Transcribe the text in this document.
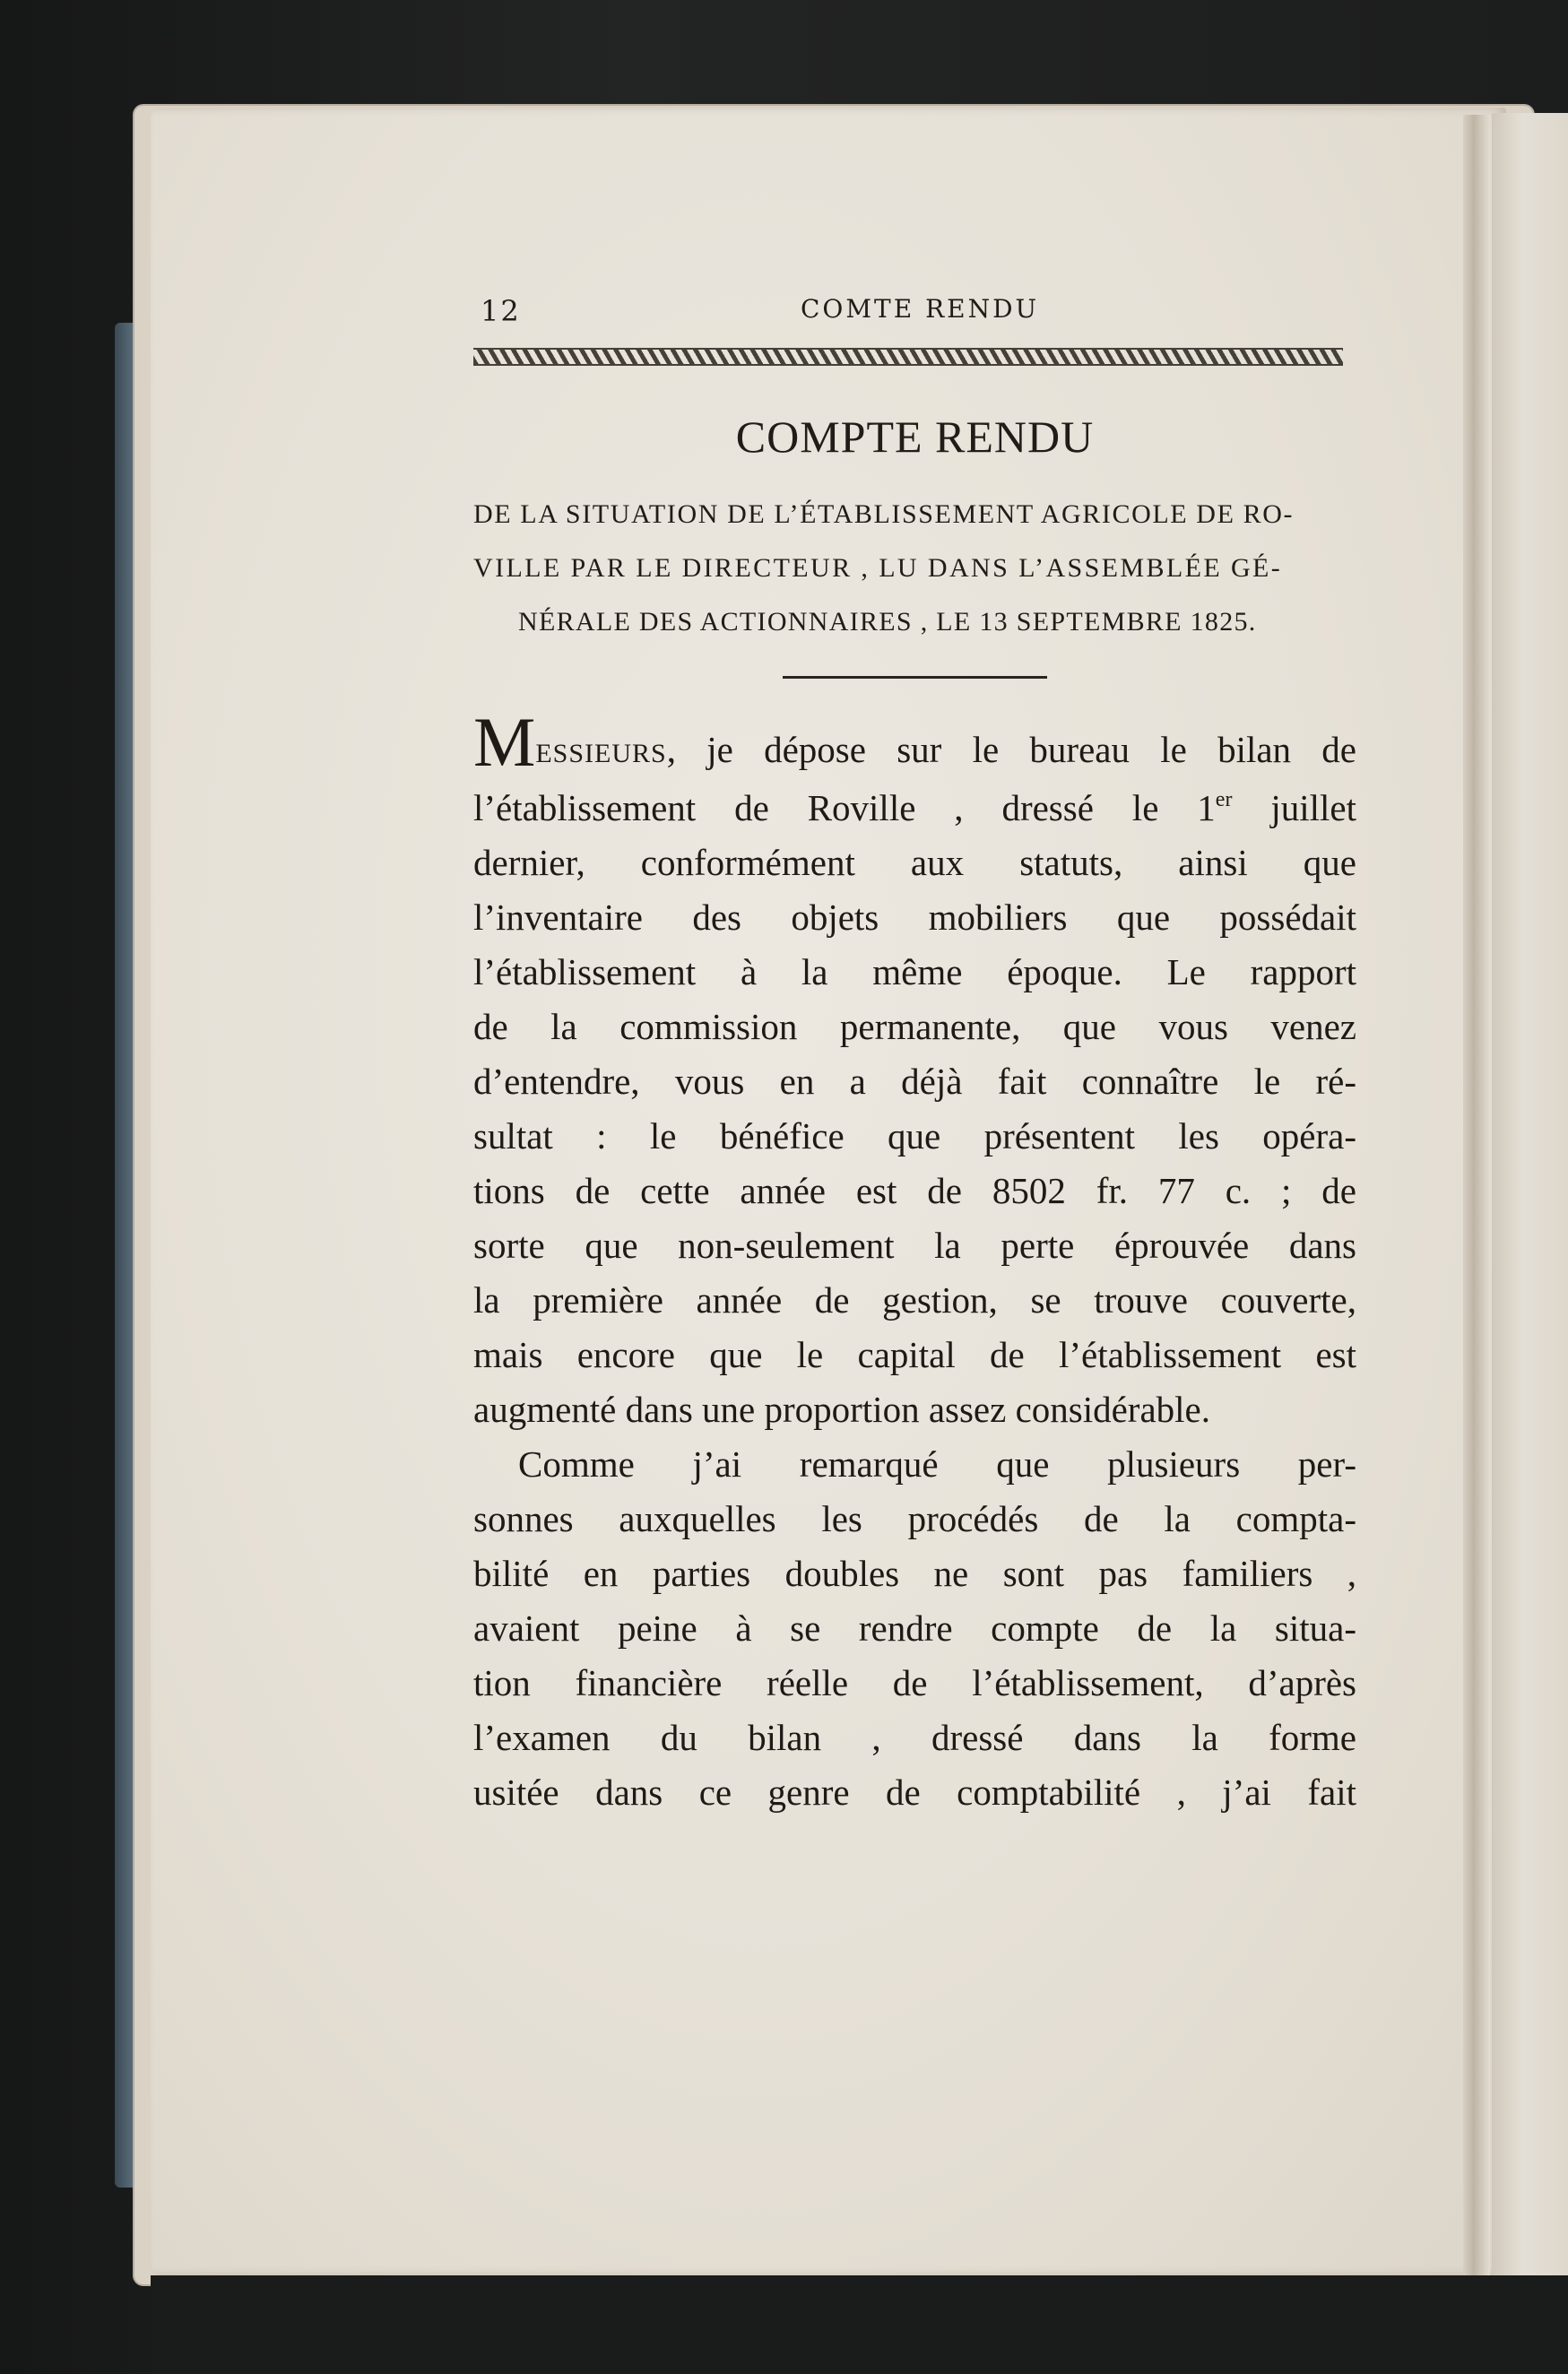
12	COMTE RENDU
COMPTE RENDU
DE LA SITUATION DE L’ÉTABLISSEMENT AGRICOLE DE RO-
VILLE PAR LE DIRECTEUR , LU DANS L’ASSEMBLÉE GÉ-
NÉRALE DES ACTIONNAIRES , LE 13 SEPTEMBRE 1825.
MESSIEURS, je dépose sur le bureau le bilan de
l’établissement de Roville , dressé le 1er juillet
dernier, conformément aux statuts, ainsi que
l’inventaire des objets mobiliers que possédait
l’établissement à la même époque. Le rapport
de la commission permanente, que vous venez
d’entendre, vous en a déjà fait connaître le ré-
sultat : le bénéfice que présentent les opéra-
tions de cette année est de 8502 fr. 77 c. ; de
sorte que non-seulement la perte éprouvée dans
la première année de gestion, se trouve couverte,
mais encore que le capital de l’établissement est
augmenté dans une proportion assez considérable.
Comme j’ai remarqué que plusieurs per-
sonnes auxquelles les procédés de la compta-
bilité en parties doubles ne sont pas familiers ,
avaient peine à se rendre compte de la situa-
tion financière réelle de l’établissement, d’après
l’examen du bilan , dressé dans la forme
usitée dans ce genre de comptabilité , j’ai fait
